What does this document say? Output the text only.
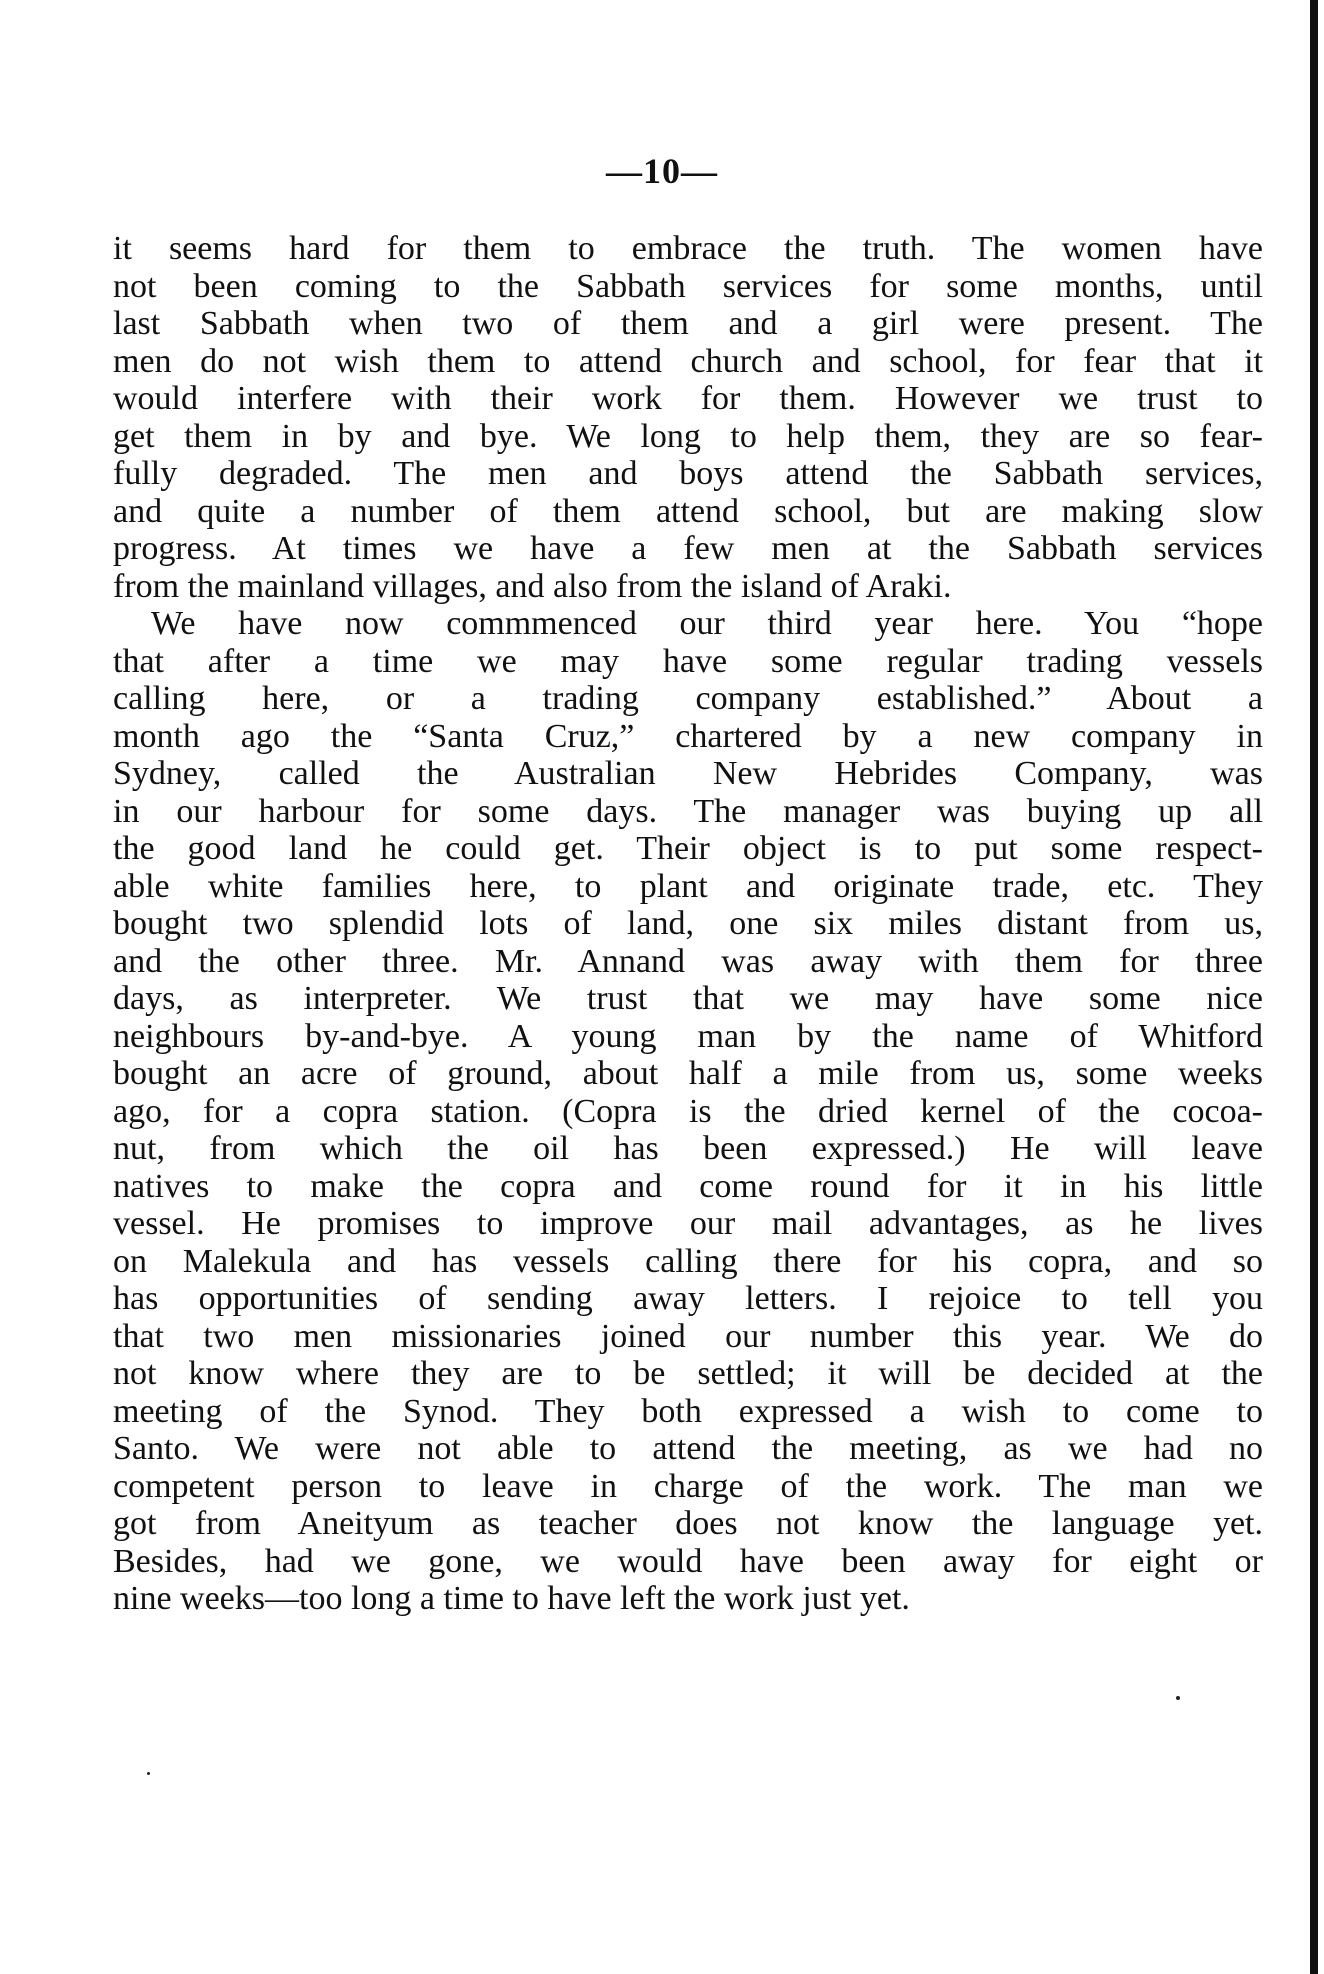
—10—
it seems hard for them to embrace the truth. The women have
not been coming to the Sabbath services for some months, until
last Sabbath when two of them and a girl were present. The
men do not wish them to attend church and school, for fear that it
would interfere with their work for them. However we trust to
get them in by and bye. We long to help them, they are so fear-
fully degraded. The men and boys attend the Sabbath services,
and quite a number of them attend school, but are making slow
progress. At times we have a few men at the Sabbath services
from the mainland villages, and also from the island of Araki.
We have now commmenced our third year here. You “hope
that after a time we may have some regular trading vessels
calling here, or a trading company established.” About a
month ago the “Santa Cruz,” chartered by a new company in
Sydney, called the Australian New Hebrides Company, was
in our harbour for some days. The manager was buying up all
the good land he could get. Their object is to put some respect-
able white families here, to plant and originate trade, etc. They
bought two splendid lots of land, one six miles distant from us,
and the other three. Mr. Annand was away with them for three
days, as interpreter. We trust that we may have some nice
neighbours by-and-bye. A young man by the name of Whitford
bought an acre of ground, about half a mile from us, some weeks
ago, for a copra station. (Copra is the dried kernel of the cocoa-
nut, from which the oil has been expressed.) He will leave
natives to make the copra and come round for it in his little
vessel. He promises to improve our mail advantages, as he lives
on Malekula and has vessels calling there for his copra, and so
has opportunities of sending away letters. I rejoice to tell you
that two men missionaries joined our number this year. We do
not know where they are to be settled; it will be decided at the
meeting of the Synod. They both expressed a wish to come to
Santo. We were not able to attend the meeting, as we had no
competent person to leave in charge of the work. The man we
got from Aneityum as teacher does not know the language yet.
Besides, had we gone, we would have been away for eight or
nine weeks—too long a time to have left the work just yet.
